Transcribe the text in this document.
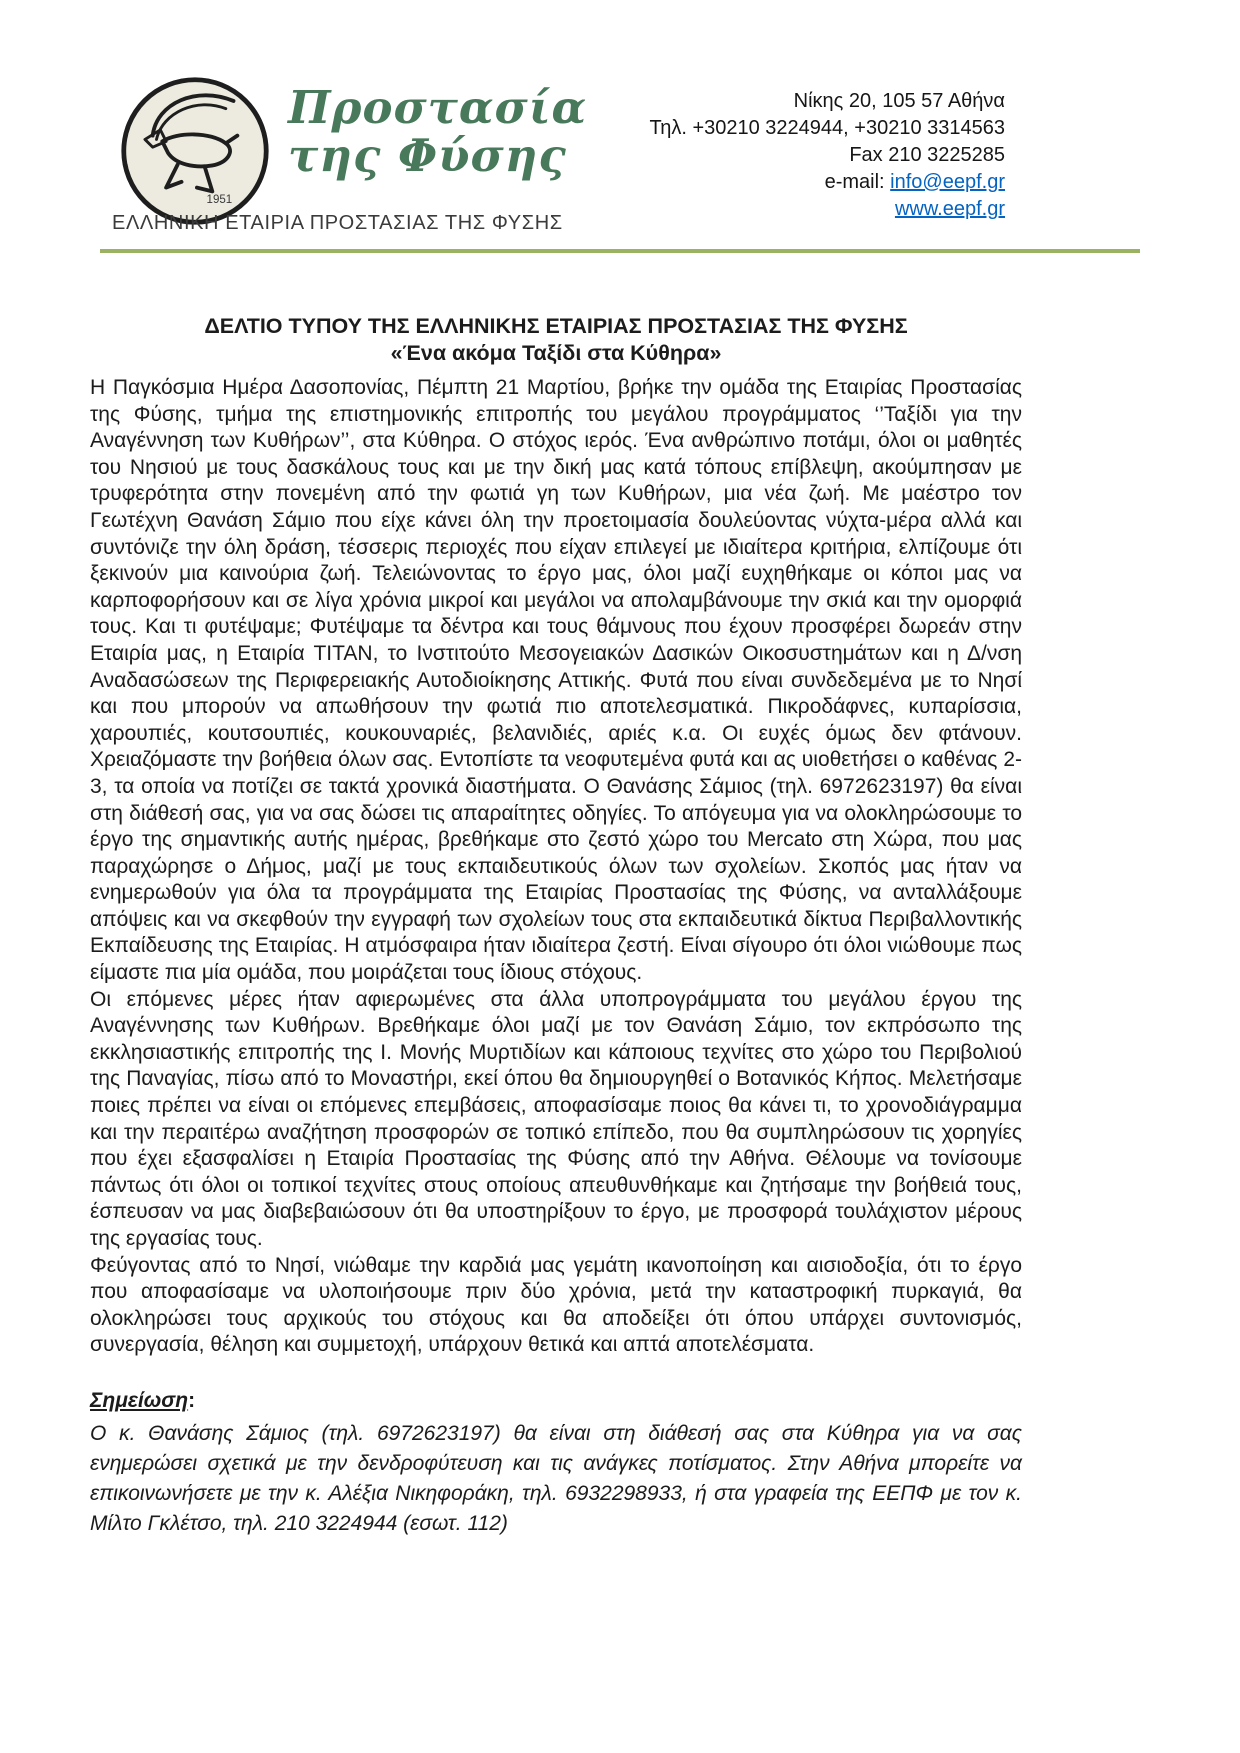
1951
Προστασία
της Φύσης
ΕΛΛΗΝΙΚΗ ΕΤΑΙΡΙΑ ΠΡΟΣΤΑΣΙΑΣ ΤΗΣ ΦΥΣΗΣ
Νίκης 20, 105 57 Αθήνα
Τηλ. +30210 3224944, +30210 3314563
Fax 210 3225285
e-mail: info@eepf.gr
www.eepf.gr
ΔΕΛΤΙΟ ΤΥΠΟΥ ΤΗΣ ΕΛΛΗΝΙΚΗΣ ΕΤΑΙΡΙΑΣ ΠΡΟΣΤΑΣΙΑΣ ΤΗΣ ΦΥΣΗΣ
«Ένα ακόμα Ταξίδι στα Κύθηρα»

Η Παγκόσμια Ημέρα Δασοπονίας, Πέμπτη 21 Μαρτίου, βρήκε την ομάδα της Εταιρίας Προστασίας της Φύσης, τμήμα της επιστημονικής επιτροπής του μεγάλου προγράμματος ‘’Ταξίδι για την Αναγέννηση των Κυθήρων’’, στα Κύθηρα. Ο στόχος ιερός. Ένα ανθρώπινο ποτάμι, όλοι οι μαθητές του Νησιού με τους δασκάλους τους και με την δική μας κατά τόπους επίβλεψη, ακούμπησαν με τρυφερότητα στην πονεμένη από την φωτιά γη των Κυθήρων, μια νέα ζωή. Με μαέστρο τον Γεωτέχνη Θανάση Σάμιο που είχε κάνει όλη την προετοιμασία δουλεύοντας νύχτα-μέρα αλλά και συντόνιζε την όλη δράση, τέσσερις περιοχές που είχαν επιλεγεί με ιδιαίτερα κριτήρια, ελπίζουμε ότι ξεκινούν μια καινούρια ζωή. Τελειώνοντας το έργο μας, όλοι μαζί ευχηθήκαμε οι κόποι μας να καρποφορήσουν και σε λίγα χρόνια μικροί και μεγάλοι να απολαμβάνουμε την σκιά και την ομορφιά τους. Και τι φυτέψαμε; Φυτέψαμε τα δέντρα και τους θάμνους που έχουν προσφέρει δωρεάν στην Εταιρία μας, η Εταιρία ΤΙΤΑΝ, το Ινστιτούτο Μεσογειακών Δασικών Οικοσυστημάτων και η Δ/νση Αναδασώσεων της Περιφερειακής Αυτοδιοίκησης Αττικής. Φυτά που είναι συνδεδεμένα με το Νησί και που μπορούν να απωθήσουν την φωτιά πιο αποτελεσματικά. Πικροδάφνες, κυπαρίσσια, χαρουπιές, κουτσουπιές, κουκουναριές, βελανιδιές, αριές κ.α. Οι ευχές όμως δεν φτάνουν. Χρειαζόμαστε την βοήθεια όλων σας. Εντοπίστε τα νεοφυτεμένα φυτά και ας υιοθετήσει ο καθένας 2-3, τα οποία να ποτίζει σε τακτά χρονικά διαστήματα. Ο Θανάσης Σάμιος (τηλ. 6972623197) θα είναι στη διάθεσή σας, για να σας δώσει τις απαραίτητες οδηγίες. Το απόγευμα για να ολοκληρώσουμε το έργο της σημαντικής αυτής ημέρας, βρεθήκαμε στο ζεστό χώρο του Mercato στη Χώρα, που μας παραχώρησε ο Δήμος, μαζί με τους εκπαιδευτικούς όλων των σχολείων. Σκοπός μας ήταν να ενημερωθούν για όλα τα προγράμματα της Εταιρίας Προστασίας της Φύσης, να ανταλλάξουμε απόψεις και να σκεφθούν την εγγραφή των σχολείων τους στα εκπαιδευτικά δίκτυα Περιβαλλοντικής Εκπαίδευσης της Εταιρίας. Η ατμόσφαιρα ήταν ιδιαίτερα ζεστή. Είναι σίγουρο ότι όλοι νιώθουμε πως είμαστε πια μία ομάδα, που μοιράζεται τους ίδιους στόχους.

Οι επόμενες μέρες ήταν αφιερωμένες στα άλλα υποπρογράμματα του μεγάλου έργου της Αναγέννησης των Κυθήρων. Βρεθήκαμε όλοι μαζί με τον Θανάση Σάμιο, τον εκπρόσωπο της εκκλησιαστικής επιτροπής της Ι. Μονής Μυρτιδίων και κάποιους τεχνίτες στο χώρο του Περιβολιού της Παναγίας, πίσω από το Μοναστήρι, εκεί όπου θα δημιουργηθεί ο Βοτανικός Κήπος. Μελετήσαμε ποιες πρέπει να είναι οι επόμενες επεμβάσεις, αποφασίσαμε ποιος θα κάνει τι, το χρονοδιάγραμμα και την περαιτέρω αναζήτηση προσφορών σε τοπικό επίπεδο, που θα συμπληρώσουν τις χορηγίες που έχει εξασφαλίσει η Εταιρία Προστασίας της Φύσης από την Αθήνα. Θέλουμε να τονίσουμε πάντως ότι όλοι οι τοπικοί τεχνίτες στους οποίους απευθυνθήκαμε και ζητήσαμε την βοήθειά τους, έσπευσαν να μας διαβεβαιώσουν ότι θα υποστηρίξουν το έργο, με προσφορά τουλάχιστον μέρους της εργασίας τους.

Φεύγοντας από το Νησί, νιώθαμε την καρδιά μας γεμάτη ικανοποίηση και αισιοδοξία, ότι το έργο που αποφασίσαμε να υλοποιήσουμε πριν δύο χρόνια, μετά την καταστροφική πυρκαγιά, θα ολοκληρώσει τους αρχικούς του στόχους και θα αποδείξει ότι όπου υπάρχει συντονισμός, συνεργασία, θέληση και συμμετοχή, υπάρχουν θετικά και απτά αποτελέσματα.

Σημείωση:
Ο κ. Θανάσης Σάμιος (τηλ. 6972623197) θα είναι στη διάθεσή σας στα Κύθηρα για να σας ενημερώσει σχετικά με την δενδροφύτευση και τις ανάγκες ποτίσματος. Στην Αθήνα μπορείτε να επικοινωνήσετε με την κ. Αλέξια Νικηφοράκη, τηλ. 6932298933, ή στα γραφεία της ΕΕΠΦ με τον κ. Μίλτο Γκλέτσο, τηλ. 210 3224944 (εσωτ. 112)
